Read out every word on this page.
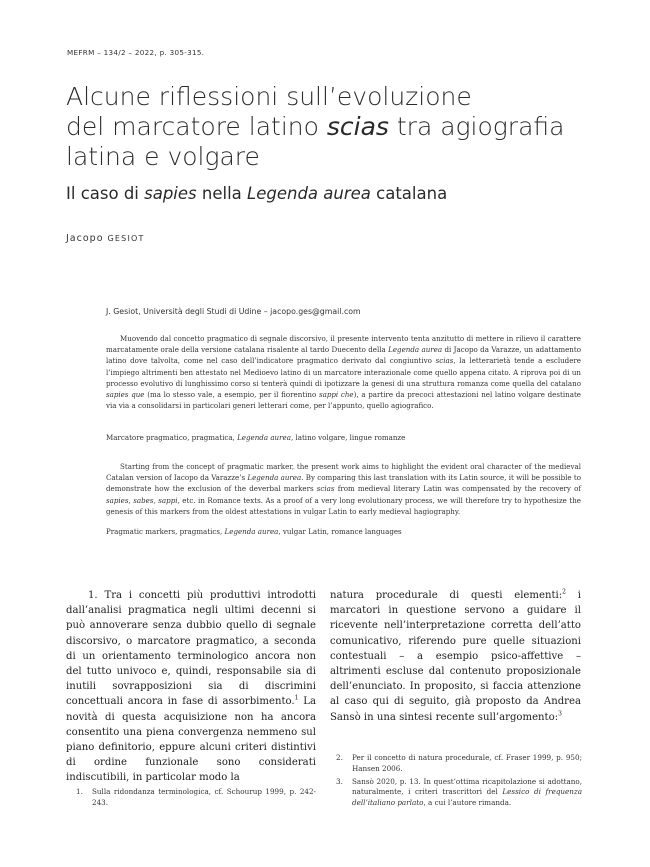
MEFRM – 134/2 – 2022, p. 305-315.
Alcune riflessioni sull’evoluzione
del marcatore latino scias tra agiografia
latina e volgare
Il caso di sapies nella Legenda aurea catalana
Jacopo GESIOT
J. Gesiot, Università degli Studi di Udine – jacopo.ges@gmail.com

Muovendo dal concetto pragmatico di segnale discorsivo, il presente intervento tenta anzitutto di mettere in rilievo il carattere marcatamente orale della versione catalana risalente al tardo Duecento della Legenda aurea di Jacopo da Varazze, un adattamento latino dove talvolta, come nel caso dell’indicatore pragmatico derivato dal congiuntivo scias, la letterarietà tende a escludere l’impiego altrimenti ben attestato nel Medioevo latino di un marcatore interazionale come quello appena citato. A riprova poi di un processo evolutivo di lunghissimo corso si tenterà quindi di ipotizzare la genesi di una struttura romanza come quella del catalano sapies que (ma lo stesso vale, a esempio, per il fiorentino sappi che), a partire da precoci attestazioni nel latino volgare destinate via via a consolidarsi in particolari generi letterari come, per l’appunto, quello agiografico.

Marcatore pragmatico, pragmatica, Legenda aurea, latino volgare, lingue romanze

Starting from the concept of pragmatic marker, the present work aims to highlight the evident oral character of the medieval Catalan version of Iacopo da Varazze’s Legenda aurea. By comparing this last translation with its Latin source, it will be possible to demonstrate how the exclusion of the deverbal markers scias from medieval literary Latin was compensated by the recovery of sapies, sabes, sappi, etc. in Romance texts. As a proof of a very long evolutionary process, we will therefore try to hypothesize the genesis of this markers from the oldest attestations in vulgar Latin to early medieval hagiography.

Pragmatic markers, pragmatics, Legenda aurea, vulgar Latin, romance languages

1. Tra i concetti più produttivi introdotti dall’analisi pragmatica negli ultimi decenni si può annoverare senza dubbio quello di segnale discorsivo, o marcatore pragmatico, a seconda di un orientamento terminologico ancora non del tutto univoco e, quindi, responsabile sia di inutili sovrapposizioni sia di discrimini concettuali ancora in fase di assorbimento.$^1$ La novità di questa acquisizione non ha ancora consentito una piena convergenza nemmeno sul piano definitorio, eppure alcuni criteri distintivi di ordine funzionale sono considerati indiscutibili, in particolar modo la

natura procedurale di questi elementi:$^2$ i marcatori in questione servono a guidare il ricevente nell’interpretazione corretta dell’atto comunicativo, riferendo pure quelle situazioni contestuali – a esempio psico-affettive – altrimenti escluse dal contenuto proposizionale dell’enunciato. In proposito, si faccia attenzione al caso qui di seguito, già proposto da Andrea Sansò in una sintesi recente sull’argomento:$^3$

1.	Sulla ridondanza terminologica, cf. Schourup 1999, p. 242-243.
2.	Per il concetto di natura procedurale, cf. Fraser 1999, p. 950; Hansen 2006.
3.	Sansò 2020, p. 13. In quest’ottima ricapitolazione si adottano, naturalmente, i criteri trascrittori del Lessico di frequenza dell’italiano parlato, a cui l’autore rimanda.
